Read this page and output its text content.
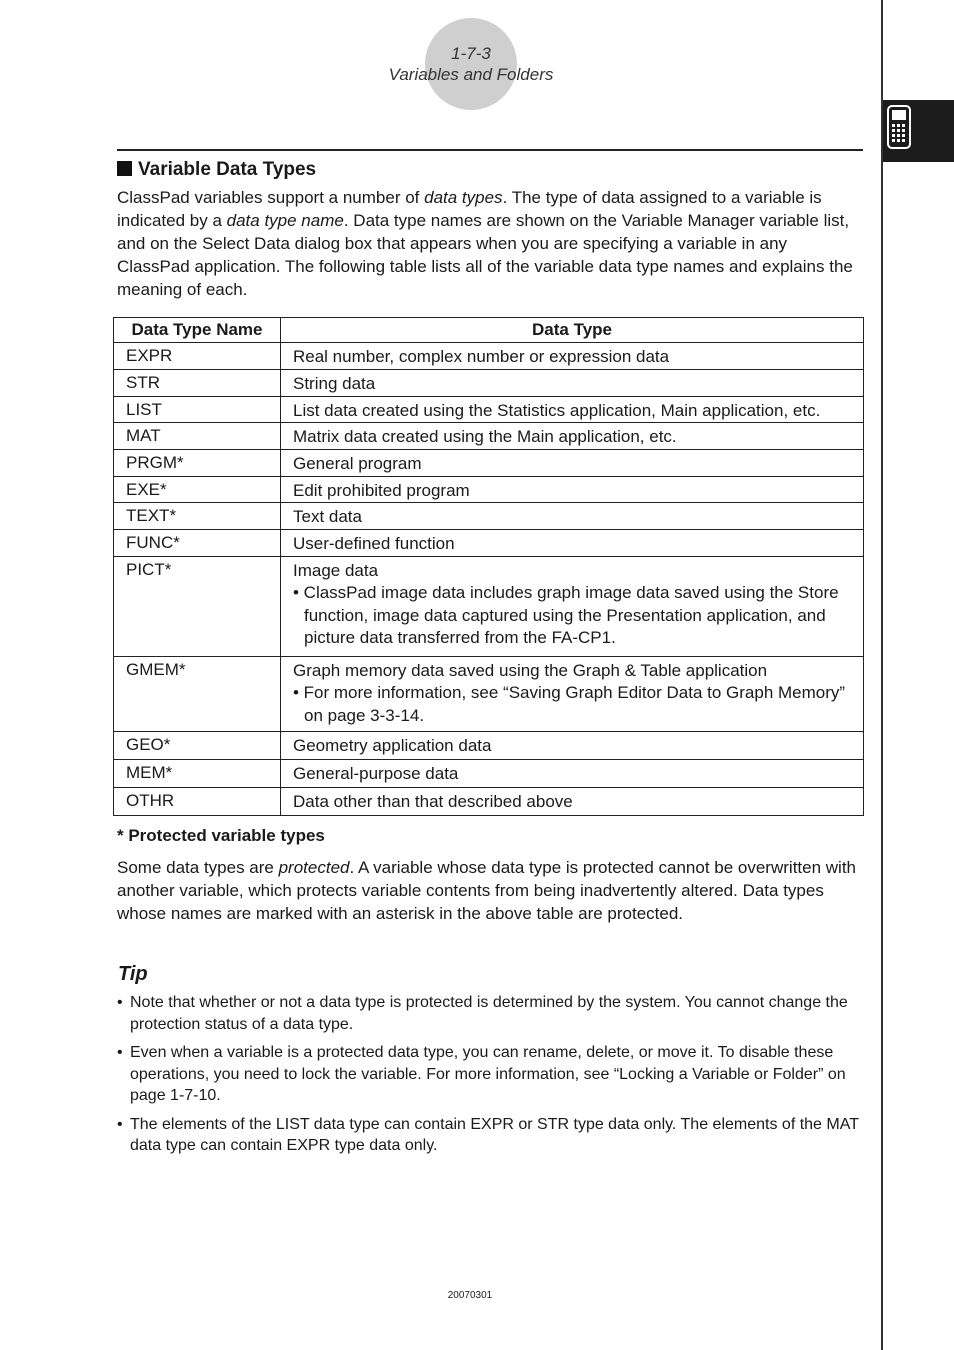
1-7-3
Variables and Folders
Variable Data Types

ClassPad variables support a number of data types. The type of data assigned to a variable is indicated by a data type name. Data type names are shown on the Variable Manager variable list, and on the Select Data dialog box that appears when you are specifying a variable in any ClassPad application. The following table lists all of the variable data type names and explains the meaning of each.

Data Type Name	Data Type
EXPR	Real number, complex number or expression data
STR	String data
LIST	List data created using the Statistics application, Main application, etc.
MAT	Matrix data created using the Main application, etc.
PRGM*	General program
EXE*	Edit prohibited program
TEXT*	Text data
FUNC*	User-defined function
PICT*	Image data
• ClassPad image data includes graph image data saved using the Store function, image data captured using the Presentation application, and picture data transferred from the FA-CP1.

GMEM*	Graph memory data saved using the Graph & Table application
• For more information, see “Saving Graph Editor Data to Graph Memory” on page 3-3-14.

GEO*	Geometry application data
MEM*	General-purpose data
OTHR	Data other than that described above
* Protected variable types

Some data types are protected. A variable whose data type is protected cannot be overwritten with another variable, which protects variable contents from being inadvertently altered. Data types whose names are marked with an asterisk in the above table are protected.

Tip
• Note that whether or not a data type is protected is determined by the system. You cannot change the protection status of a data type.
• Even when a variable is a protected data type, you can rename, delete, or move it. To disable these operations, you need to lock the variable. For more information, see “Locking a Variable or Folder” on page 1-7-10.
• The elements of the LIST data type can contain EXPR or STR type data only. The elements of the MAT data type can contain EXPR type data only.
20070301
